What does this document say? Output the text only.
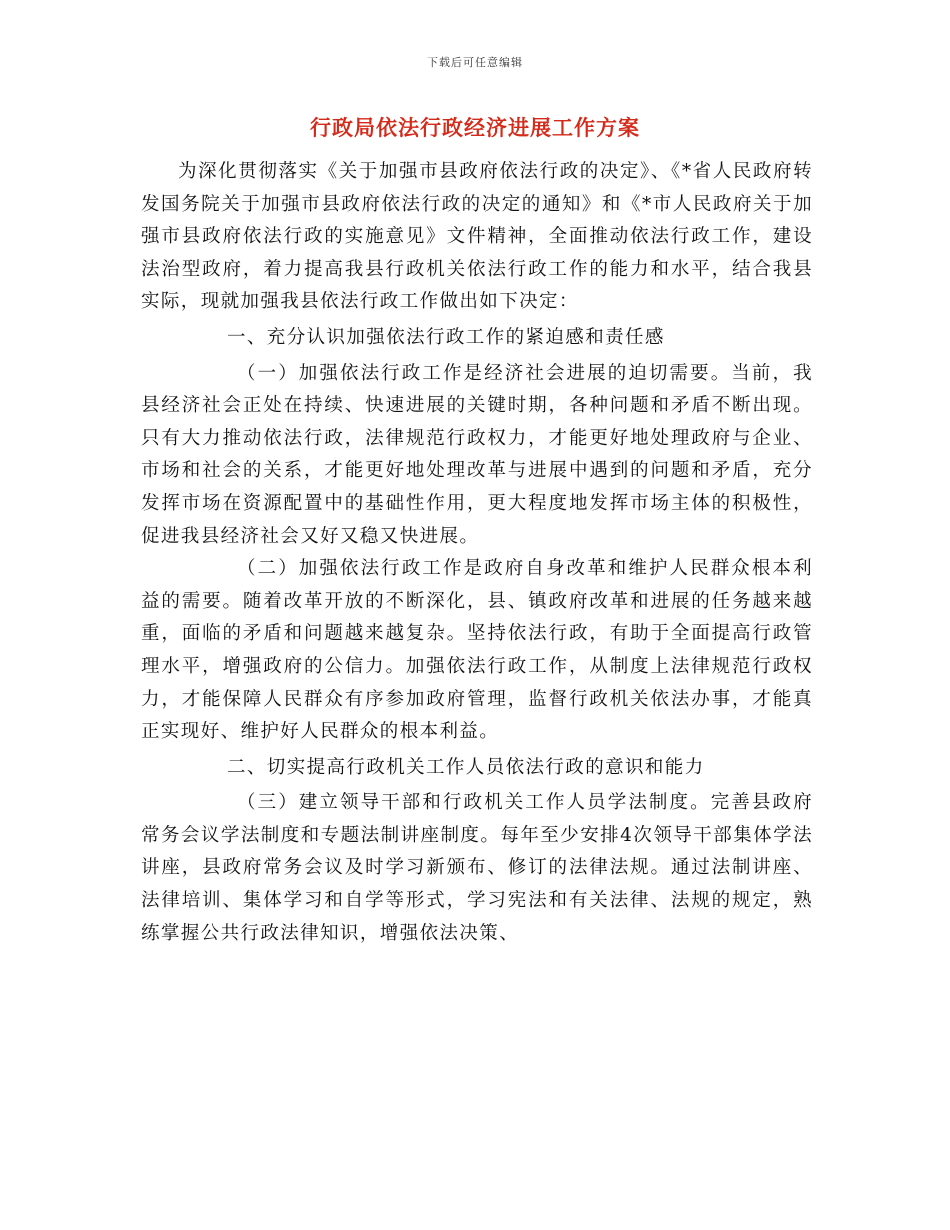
下载后可任意编辑
行政局依法行政经济进展工作方案

为深化贯彻落实《关于加强市县政府依法行政的决定》、《*省人民政府转发国务院关于加强市县政府依法行政的决定的通知》和《*市人民政府关于加强市县政府依法行政的实施意见》文件精神，全面推动依法行政工作，建设法治型政府，着力提高我县行政机关依法行政工作的能力和水平，结合我县实际，现就加强我县依法行政工作做出如下决定：

一、充分认识加强依法行政工作的紧迫感和责任感

（一）加强依法行政工作是经济社会进展的迫切需要。当前，我县经济社会正处在持续、快速进展的关键时期，各种问题和矛盾不断出现。只有大力推动依法行政，法律规范行政权力，才能更好地处理政府与企业、市场和社会的关系，才能更好地处理改革与进展中遇到的问题和矛盾，充分发挥市场在资源配置中的基础性作用，更大程度地发挥市场主体的积极性，促进我县经济社会又好又稳又快进展。

（二）加强依法行政工作是政府自身改革和维护人民群众根本利益的需要。随着改革开放的不断深化，县、镇政府改革和进展的任务越来越重，面临的矛盾和问题越来越复杂。坚持依法行政，有助于全面提高行政管理水平，增强政府的公信力。加强依法行政工作，从制度上法律规范行政权力，才能保障人民群众有序参加政府管理，监督行政机关依法办事，才能真正实现好、维护好人民群众的根本利益。

二、切实提高行政机关工作人员依法行政的意识和能力

（三）建立领导干部和行政机关工作人员学法制度。完善县政府常务会议学法制度和专题法制讲座制度。每年至少安排4次领导干部集体学法讲座，县政府常务会议及时学习新颁布、修订的法律法规。通过法制讲座、法律培训、集体学习和自学等形式，学习宪法和有关法律、法规的规定，熟练掌握公共行政法律知识，增强依法决策、
